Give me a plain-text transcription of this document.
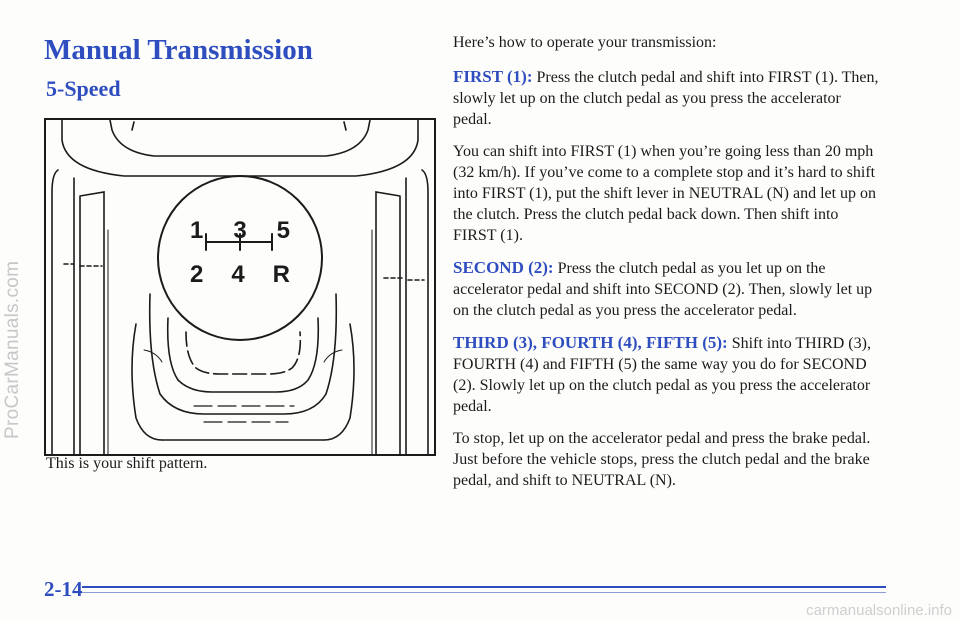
ProCarManuals.com
Manual Transmission
5-Speed
1 3 5
2 4 R

This is your shift pattern.

Here’s how to operate your transmission:

FIRST (1): Press the clutch pedal and shift into FIRST (1). Then, slowly let up on the clutch pedal as you press the accelerator pedal.

You can shift into FIRST (1) when you’re going less than 20 mph (32 km/h). If you’ve come to a complete stop and it’s hard to shift into FIRST (1), put the shift lever in NEUTRAL (N) and let up on the clutch. Press the clutch pedal back down. Then shift into FIRST (1).

SECOND (2): Press the clutch pedal as you let up on the accelerator pedal and shift into SECOND (2). Then, slowly let up on the clutch pedal as you press the accelerator pedal.

THIRD (3), FOURTH (4), FIFTH (5): Shift into THIRD (3), FOURTH (4) and FIFTH (5) the same way you do for SECOND (2). Slowly let up on the clutch pedal as you press the accelerator pedal.

To stop, let up on the accelerator pedal and press the brake pedal. Just before the vehicle stops, press the clutch pedal and the brake pedal, and shift to NEUTRAL (N).

2-14
carmanualsonline.info
